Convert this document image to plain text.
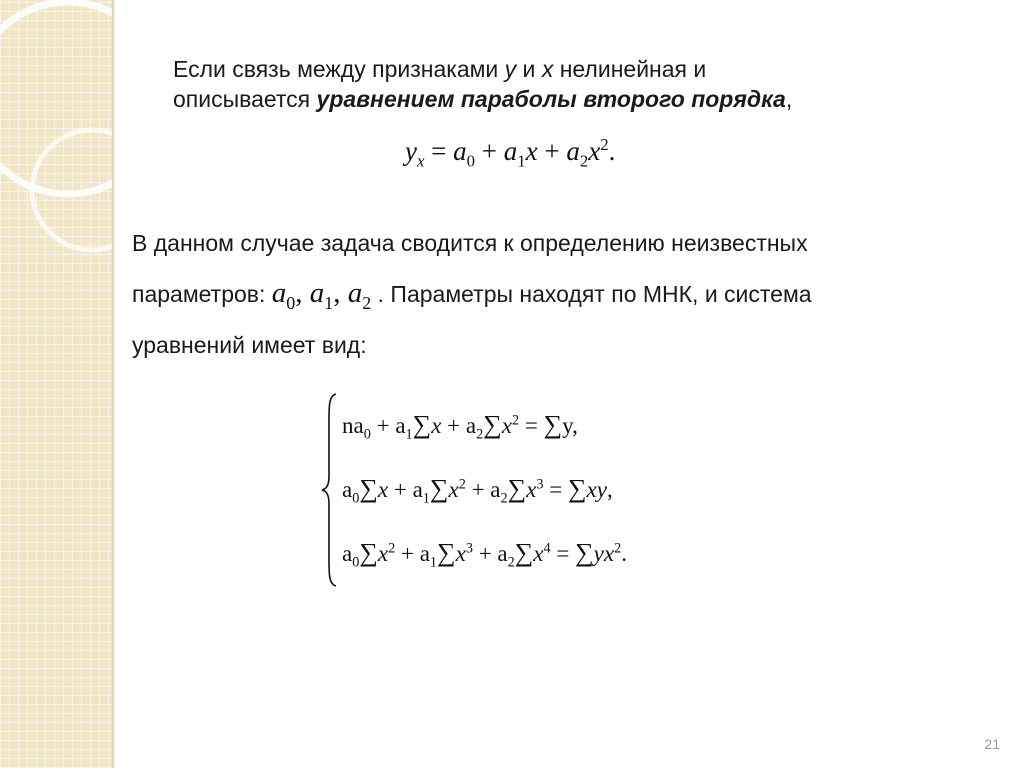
Если связь между признаками y и x нелинейная и
описывается уравнением параболы второго порядка,
$y_x = a_0 + a_1x + a_2x^2$.
В данном случае задача сводится к определению неизвестных
параметров: $a_0$, $a_1$, $a_2$ . Параметры находят по МНК, и система
уравнений имеет вид:
$na_0 + a_1\sum x + a_2\sum x^2 = \sum y$,
$a_0\sum x + a_1\sum x^2 + a_2\sum x^3 = \sum xy$,
$a_0\sum x^2 + a_1\sum x^3 + a_2\sum x^4 = \sum yx^2$.
21
